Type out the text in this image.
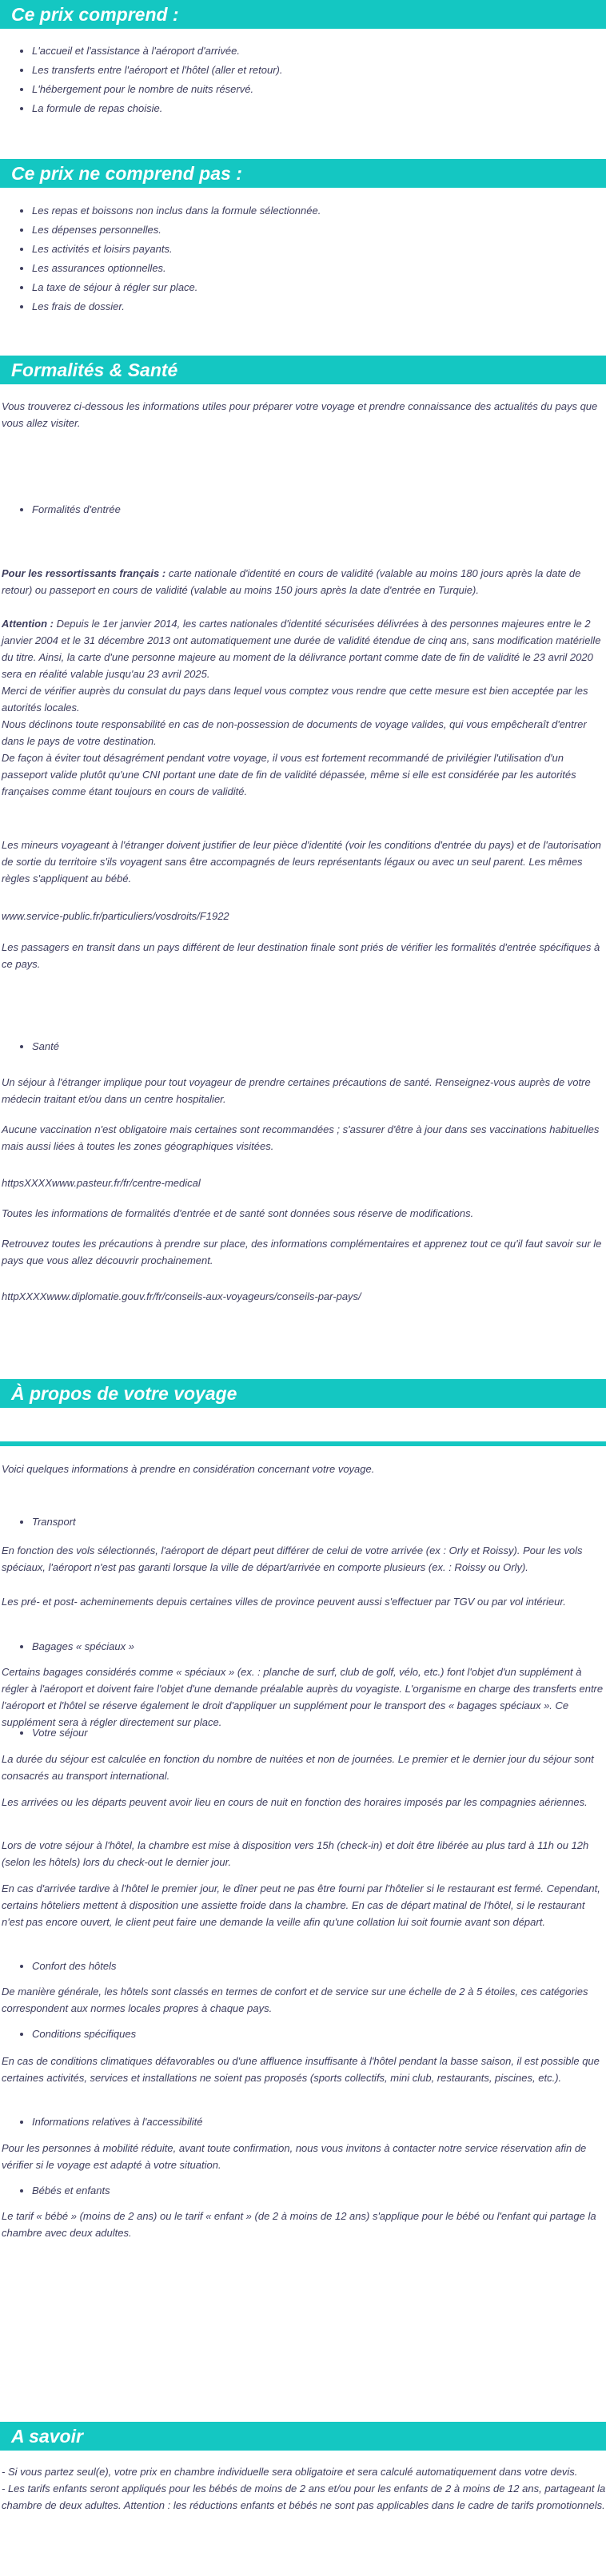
Ce prix comprend :
• L'accueil et l'assistance à l'aéroport d'arrivée.
• Les transferts entre l'aéroport et l'hôtel (aller et retour).
• L'hébergement pour le nombre de nuits réservé.
• La formule de repas choisie.
Ce prix ne comprend pas :
• Les repas et boissons non inclus dans la formule sélectionnée.
• Les dépenses personnelles.
• Les activités et loisirs payants.
• Les assurances optionnelles.
• La taxe de séjour à régler sur place.
• Les frais de dossier.
Formalités & Santé

Vous trouverez ci-dessous les informations utiles pour préparer votre voyage et prendre connaissance des actualités du pays que vous allez visiter.

• Formalités d'entrée

Pour les ressortissants français : carte nationale d'identité en cours de validité (valable au moins 180 jours après la date de retour) ou passeport en cours de validité (valable au moins 150 jours après la date d'entrée en Turquie).

Attention : Depuis le 1er janvier 2014, les cartes nationales d'identité sécurisées délivrées à des personnes majeures entre le 2 janvier 2004 et le 31 décembre 2013 ont automatiquement une durée de validité étendue de cinq ans, sans modification matérielle du titre. Ainsi, la carte d'une personne majeure au moment de la délivrance portant comme date de fin de validité le 23 avril 2020 sera en réalité valable jusqu'au 23 avril 2025.

Merci de vérifier auprès du consulat du pays dans lequel vous comptez vous rendre que cette mesure est bien acceptée par les autorités locales.

Nous déclinons toute responsabilité en cas de non-possession de documents de voyage valides, qui vous empêcheraît d'entrer dans le pays de votre destination.

De façon à éviter tout désagrément pendant votre voyage, il vous est fortement recommandé de privilégier l'utilisation d'un passeport valide plutôt qu'une CNI portant une date de fin de validité dépassée, même si elle est considérée par les autorités françaises comme étant toujours en cours de validité.

Les mineurs voyageant à l'étranger doivent justifier de leur pièce d'identité (voir les conditions d'entrée du pays) et de l'autorisation de sortie du territoire s'ils voyagent sans être accompagnés de leurs représentants légaux ou avec un seul parent. Les mêmes règles s'appliquent au bébé.

www.service-public.fr/particuliers/vosdroits/F1922

Les passagers en transit dans un pays différent de leur destination finale sont priés de vérifier les formalités d'entrée spécifiques à ce pays.

• Santé

Un séjour à l'étranger implique pour tout voyageur de prendre certaines précautions de santé. Renseignez-vous auprès de votre médecin traitant et/ou dans un centre hospitalier.

Aucune vaccination n'est obligatoire mais certaines sont recommandées ; s'assurer d'être à jour dans ses vaccinations habituelles mais aussi liées à toutes les zones géographiques visitées.

httpsXXXXwww.pasteur.fr/fr/centre-medical

Toutes les informations de formalités d'entrée et de santé sont données sous réserve de modifications.

Retrouvez toutes les précautions à prendre sur place, des informations complémentaires et apprenez tout ce qu'il faut savoir sur le pays que vous allez découvrir prochainement.

httpXXXXwww.diplomatie.gouv.fr/fr/conseils-aux-voyageurs/conseils-par-pays/

À propos de votre voyage

Voici quelques informations à prendre en considération concernant votre voyage.

• Transport

En fonction des vols sélectionnés, l'aéroport de départ peut différer de celui de votre arrivée (ex : Orly et Roissy). Pour les vols spéciaux, l'aéroport n'est pas garanti lorsque la ville de départ/arrivée en comporte plusieurs (ex. : Roissy ou Orly).

Les pré- et post- acheminements depuis certaines villes de province peuvent aussi s'effectuer par TGV ou par vol intérieur.

• Bagages « spéciaux »

Certains bagages considérés comme « spéciaux » (ex. : planche de surf, club de golf, vélo, etc.) font l'objet d'un supplément à régler à l'aéroport et doivent faire l'objet d'une demande préalable auprès du voyagiste. L'organisme en charge des transferts entre l'aéroport et l'hôtel se réserve également le droit d'appliquer un supplément pour le transport des « bagages spéciaux ». Ce supplément sera à régler directement sur place.

• Votre séjour

La durée du séjour est calculée en fonction du nombre de nuitées et non de journées. Le premier et le dernier jour du séjour sont consacrés au transport international.

Les arrivées ou les départs peuvent avoir lieu en cours de nuit en fonction des horaires imposés par les compagnies aériennes.

Lors de votre séjour à l'hôtel, la chambre est mise à disposition vers 15h (check-in) et doit être libérée au plus tard à 11h ou 12h (selon les hôtels) lors du check-out le dernier jour.

En cas d'arrivée tardive à l'hôtel le premier jour, le dîner peut ne pas être fourni par l'hôtelier si le restaurant est fermé. Cependant, certains hôteliers mettent à disposition une assiette froide dans la chambre. En cas de départ matinal de l'hôtel, si le restaurant n'est pas encore ouvert, le client peut faire une demande la veille afin qu'une collation lui soit fournie avant son départ.

• Confort des hôtels

De manière générale, les hôtels sont classés en termes de confort et de service sur une échelle de 2 à 5 étoiles, ces catégories correspondent aux normes locales propres à chaque pays.

• Conditions spécifiques

En cas de conditions climatiques défavorables ou d'une affluence insuffisante à l'hôtel pendant la basse saison, il est possible que certaines activités, services et installations ne soient pas proposés (sports collectifs, mini club, restaurants, piscines, etc.).

• Informations relatives à l'accessibilité

Pour les personnes à mobilité réduite, avant toute confirmation, nous vous invitons à contacter notre service réservation afin de vérifier si le voyage est adapté à votre situation.

• Bébés et enfants

Le tarif « bébé » (moins de 2 ans) ou le tarif « enfant » (de 2 à moins de 12 ans) s'applique pour le bébé ou l'enfant qui partage la chambre avec deux adultes.

A savoir

- Si vous partez seul(e), votre prix en chambre individuelle sera obligatoire et sera calculé automatiquement dans votre devis.

- Les tarifs enfants seront appliqués pour les bébés de moins de 2 ans et/ou pour les enfants de 2 à moins de 12 ans, partageant la chambre de deux adultes. Attention : les réductions enfants et bébés ne sont pas applicables dans le cadre de tarifs promotionnels.
